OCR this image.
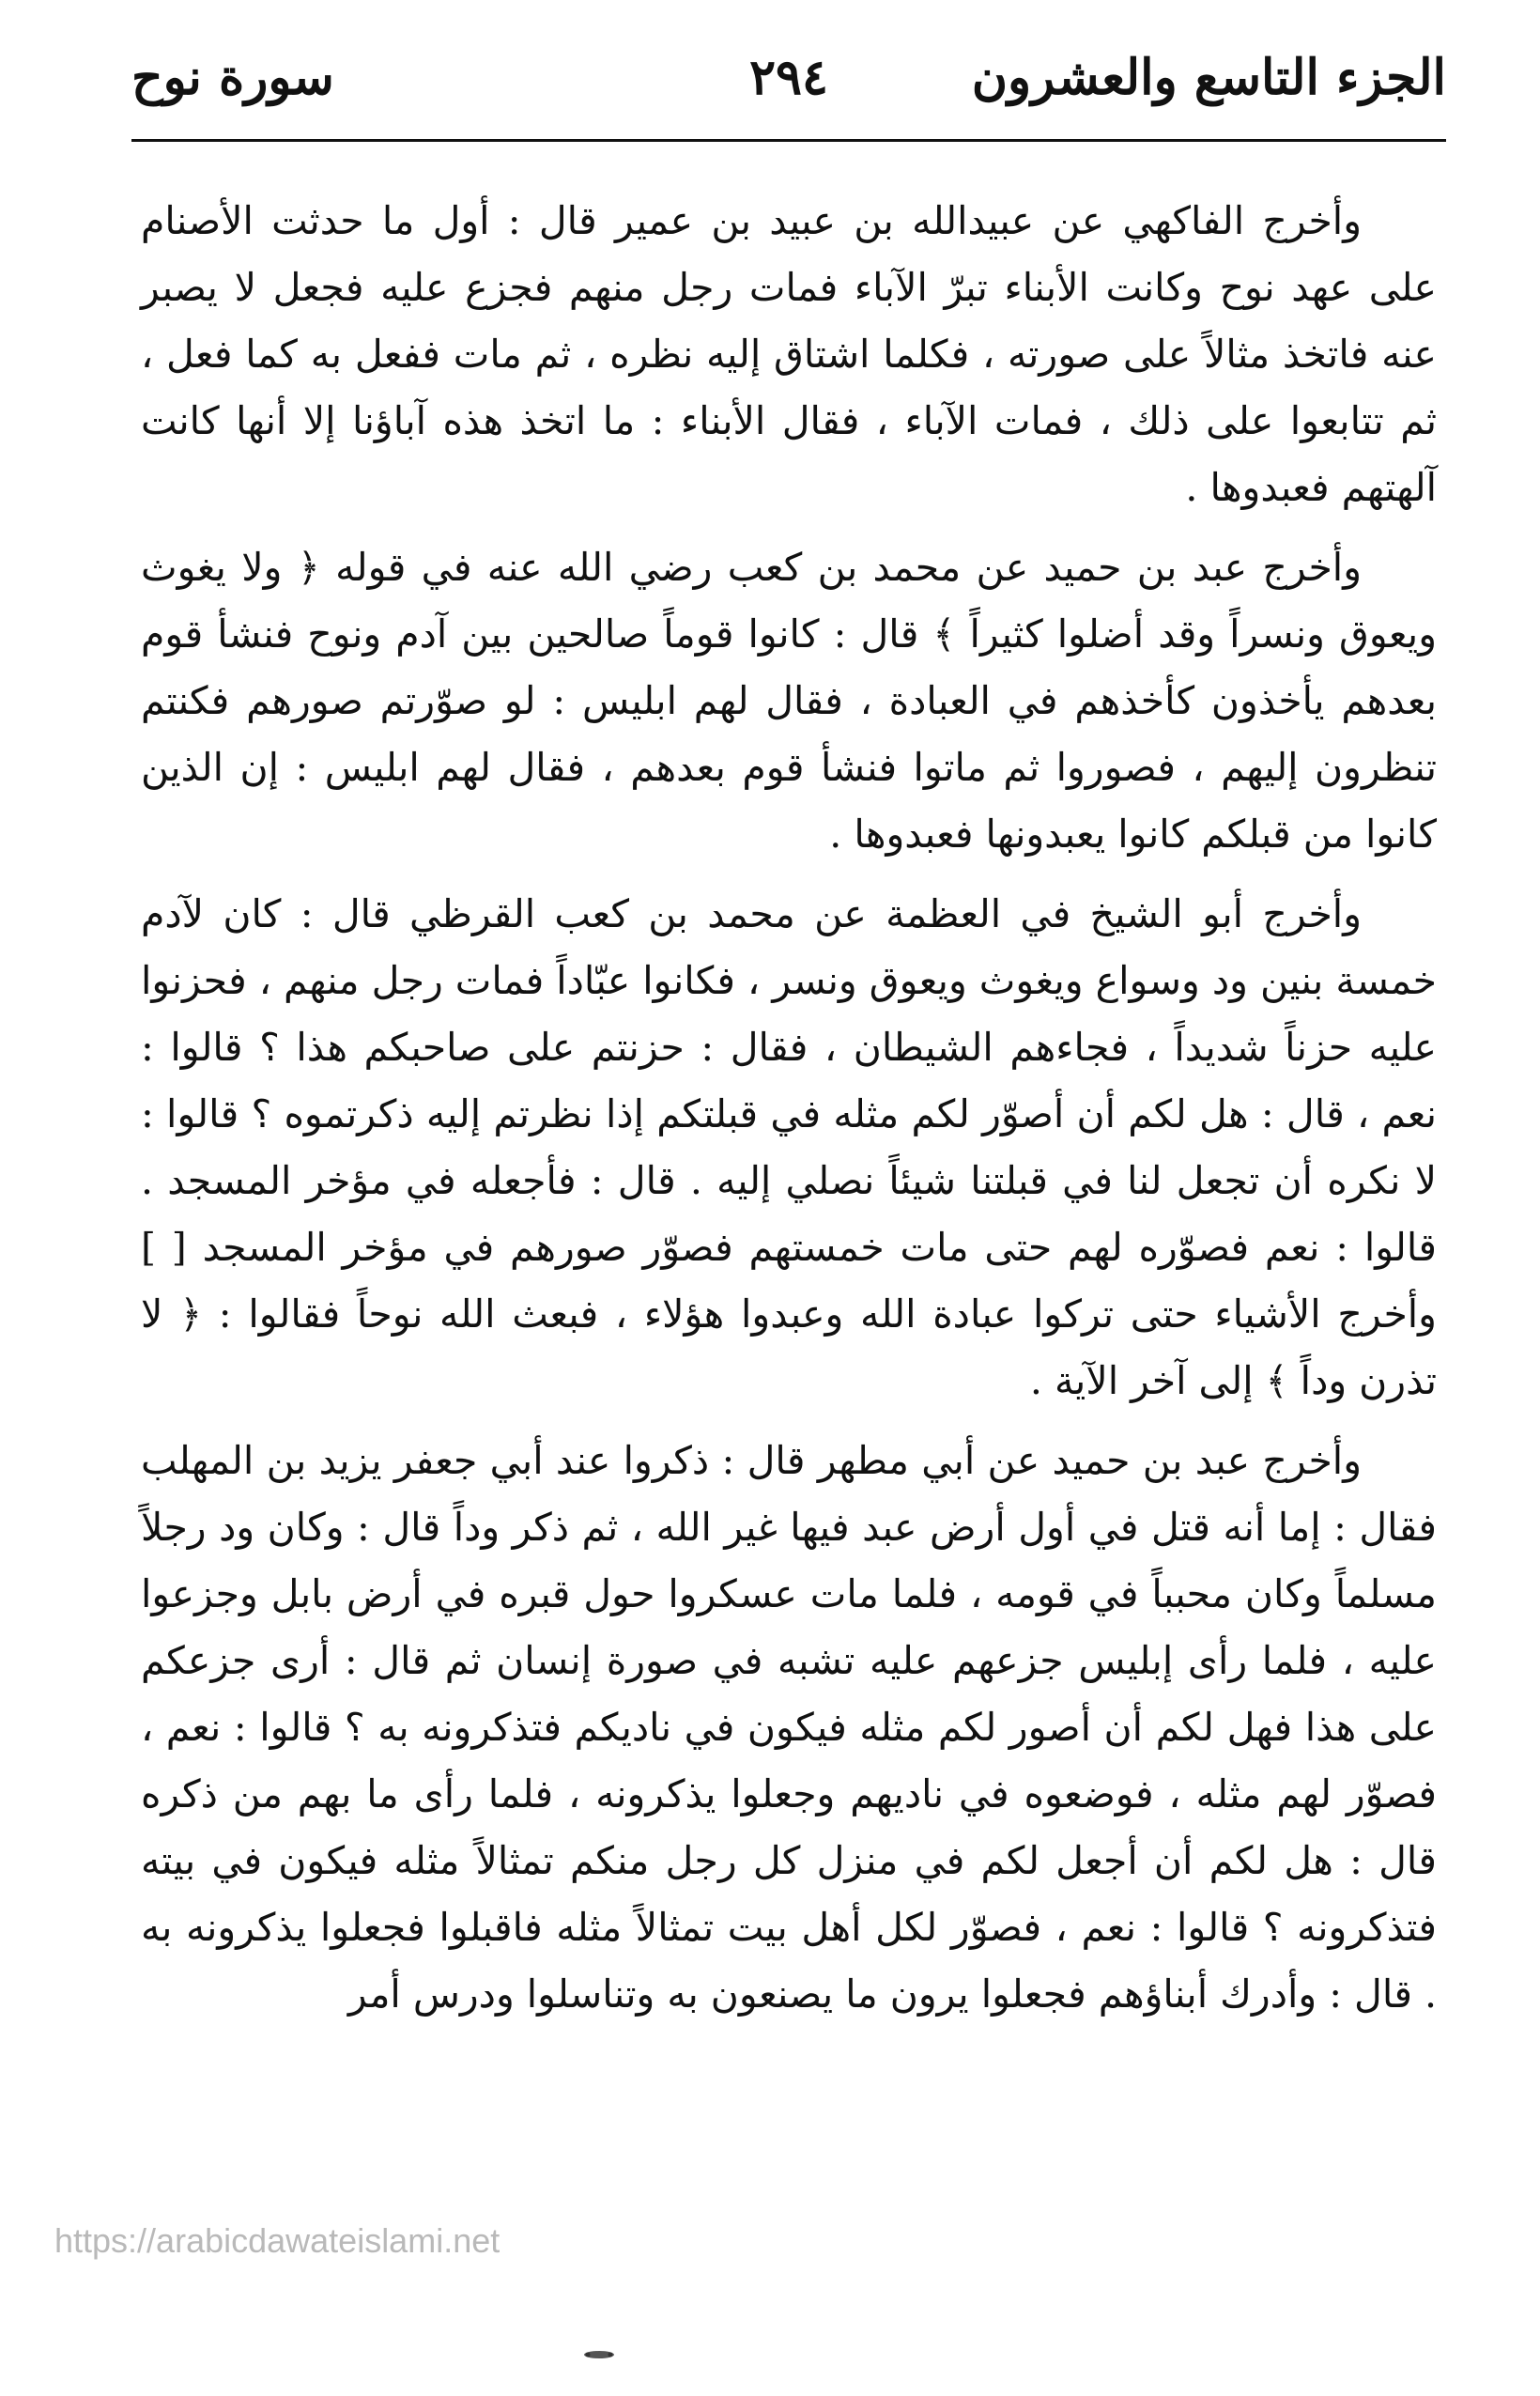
الجزء التاسع والعشرون
٢٩٤
سورة نوح

وأخرج الفاكهي عن عبيدالله بن عبيد بن عمير قال : أول ما حدثت الأصنام على عهد نوح وكانت الأبناء تبرّ الآباء فمات رجل منهم فجزع عليه فجعل لا يصبر عنه فاتخذ مثالاً على صورته ، فكلما اشتاق إليه نظره ، ثم مات ففعل به كما فعل ، ثم تتابعوا على ذلك ، فمات الآباء ، فقال الأبناء : ما اتخذ هذه آباؤنا إلا أنها كانت آلهتهم فعبدوها .

وأخرج عبد بن حميد عن محمد بن كعب رضي الله عنه في قوله ﴿ ولا يغوث ويعوق ونسراً وقد أضلوا كثيراً ﴾ قال : كانوا قوماً صالحين بين آدم ونوح فنشأ قوم بعدهم يأخذون كأخذهم في العبادة ، فقال لهم ابليس : لو صوّرتم صورهم فكنتم تنظرون إليهم ، فصوروا ثم ماتوا فنشأ قوم بعدهم ، فقال لهم ابليس : إن الذين كانوا من قبلكم كانوا يعبدونها فعبدوها .

وأخرج أبو الشيخ في العظمة عن محمد بن كعب القرظي قال : كان لآدم خمسة بنين ود وسواع ويغوث ويعوق ونسر ، فكانوا عبّاداً فمات رجل منهم ، فحزنوا عليه حزناً شديداً ، فجاءهم الشيطان ، فقال : حزنتم على صاحبكم هذا ؟ قالوا : نعم ، قال : هل لكم أن أصوّر لكم مثله في قبلتكم إذا نظرتم إليه ذكرتموه ؟ قالوا : لا نكره أن تجعل لنا في قبلتنا شيئاً نصلي إليه . قال : فأجعله في مؤخر المسجد . قالوا : نعم فصوّره لهم حتى مات خمستهم فصوّر صورهم في مؤخر المسجد [ ] وأخرج الأشياء حتى تركوا عبادة الله وعبدوا هؤلاء ، فبعث الله نوحاً فقالوا : ﴿ لا تذرن وداً ﴾ إلى آخر الآية .

وأخرج عبد بن حميد عن أبي مطهر قال : ذكروا عند أبي جعفر يزيد بن المهلب فقال : إما أنه قتل في أول أرض عبد فيها غير الله ، ثم ذكر وداً قال : وكان ود رجلاً مسلماً وكان محبباً في قومه ، فلما مات عسكروا حول قبره في أرض بابل وجزعوا عليه ، فلما رأى إبليس جزعهم عليه تشبه في صورة إنسان ثم قال : أرى جزعكم على هذا فهل لكم أن أصور لكم مثله فيكون في ناديكم فتذكرونه به ؟ قالوا : نعم ، فصوّر لهم مثله ، فوضعوه في ناديهم وجعلوا يذكرونه ، فلما رأى ما بهم من ذكره قال : هل لكم أن أجعل لكم في منزل كل رجل منكم تمثالاً مثله فيكون في بيته فتذكرونه ؟ قالوا : نعم ، فصوّر لكل أهل بيت تمثالاً مثله فاقبلوا فجعلوا يذكرونه به . قال : وأدرك أبناؤهم فجعلوا يرون ما يصنعون به وتناسلوا ودرس أمر

https://arabicdawateislami.net
